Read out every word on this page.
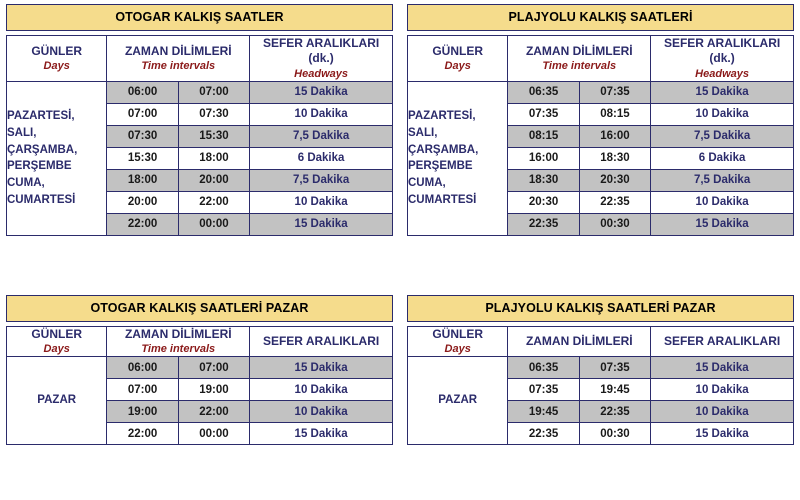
OTOGAR KALKIŞ SAATLER
GÜNLER
Days	ZAMAN DİLİMLERİ
Time intervals		SEFER ARALIKLARI (dk.)
Headways

PAZARTESİ, SALI, ÇARŞAMBA, PERŞEMBE CUMA, CUMARTESİ	06:00	07:00	15 Dakika
	07:00	07:30	10 Dakika
	07:30	15:30	7,5 Dakika
	15:30	18:00	6 Dakika
	18:00	20:00	7,5 Dakika
	20:00	22:00	10 Dakika
	22:00	00:00	15 Dakika
PLAJYOLU KALKIŞ SAATLERİ
GÜNLER
Days	ZAMAN DİLİMLERİ
Time intervals		SEFER ARALIKLARI (dk.)
Headways

PAZARTESİ, SALI, ÇARŞAMBA, PERŞEMBE CUMA, CUMARTESİ	06:35	07:35	15 Dakika
	07:35	08:15	10 Dakika
	08:15	16:00	7,5 Dakika
	16:00	18:30	6 Dakika
	18:30	20:30	7,5 Dakika
	20:30	22:35	10 Dakika
	22:35	00:30	15 Dakika
OTOGAR KALKIŞ SAATLERİ PAZAR
GÜNLER
Days	ZAMAN DİLİMLERİ
Time intervals		SEFER ARALIKLARI

PAZAR	06:00	07:00	15 Dakika
	07:00	19:00	10 Dakika
	19:00	22:00	10 Dakika
	22:00	00:00	15 Dakika
PLAJYOLU KALKIŞ SAATLERİ PAZAR
GÜNLER
Days	ZAMAN DİLİMLERİ		SEFER ARALIKLARI

PAZAR	06:35	07:35	15 Dakika
	07:35	19:45	10 Dakika
	19:45	22:35	10 Dakika
	22:35	00:30	15 Dakika
